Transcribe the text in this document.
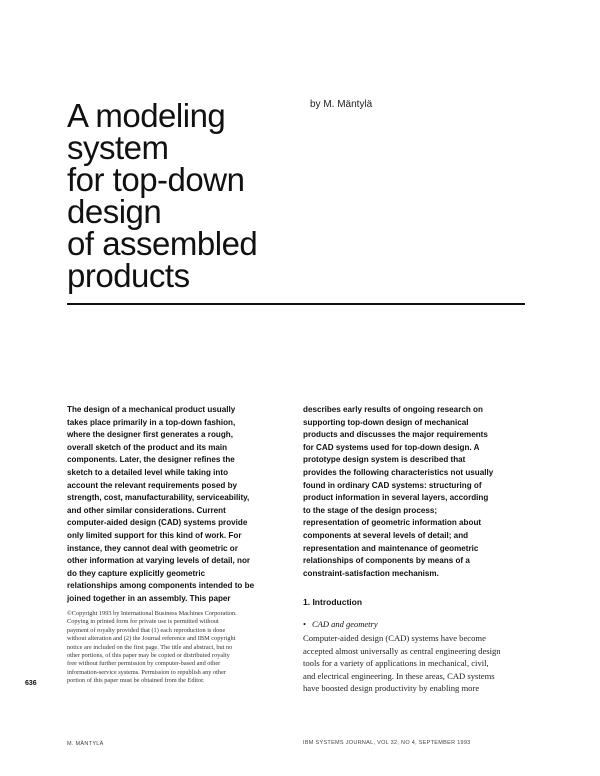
A modeling
system
for top-down
design
of assembled
products
by M. Mäntylä
The design of a mechanical product usually
takes place primarily in a top-down fashion,
where the designer first generates a rough,
overall sketch of the product and its main
components. Later, the designer refines the
sketch to a detailed level while taking into
account the relevant requirements posed by
strength, cost, manufacturability, serviceability,
and other similar considerations. Current
computer-aided design (CAD) systems provide
only limited support for this kind of work. For
instance, they cannot deal with geometric or
other information at varying levels of detail, nor
do they capture explicitly geometric
relationships among components intended to be
joined together in an assembly. This paper
describes early results of ongoing research on
supporting top-down design of mechanical
products and discusses the major requirements
for CAD systems used for top-down design. A
prototype design system is described that
provides the following characteristics not usually
found in ordinary CAD systems: structuring of
product information in several layers, according
to the stage of the design process;
representation of geometric information about
components at several levels of detail; and
representation and maintenance of geometric
relationships of components by means of a
constraint-satisfaction mechanism.
©Copyright 1993 by International Business Machines Corporation.
Copying in printed form for private use is permitted without
payment of royalty provided that (1) each reproduction is done
without alteration and (2) the Journal reference and IBM copyright
notice are included on the first page. The title and abstract, but no
other portions, of this paper may be copied or distributed royalty
free without further permission by computer-based and other
information-service systems. Permission to republish any other
portion of this paper must be obtained from the Editor.
636
1. Introduction
• CAD and geometry
Computer-aided design (CAD) systems have become
accepted almost universally as central engineering design
tools for a variety of applications in mechanical, civil,
and electrical engineering. In these areas, CAD systems
have boosted design productivity by enabling more
M. MÄNTYLÄ	IBM SYSTEMS JOURNAL, VOL 32, NO 4, SEPTEMBER 1993
